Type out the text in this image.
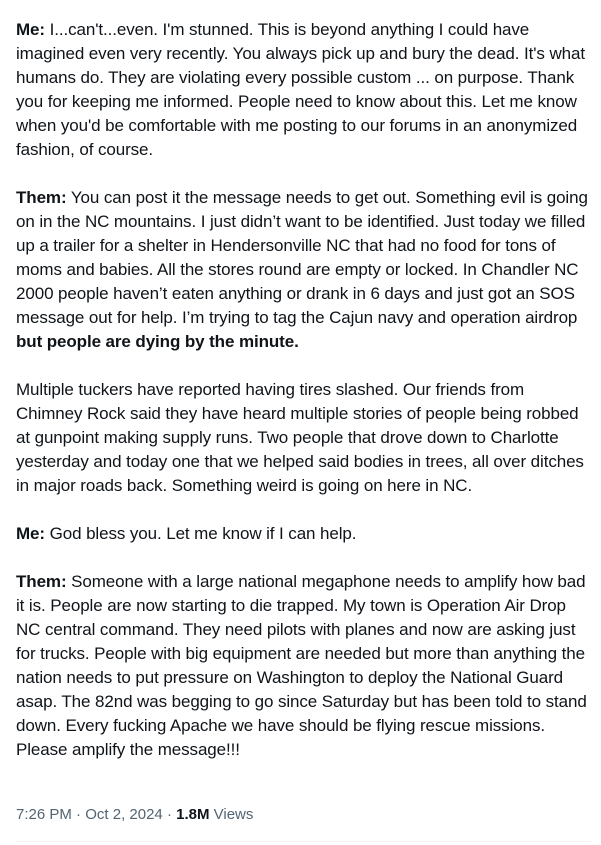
Me: I...can't...even. I'm stunned. This is beyond anything I could have imagined even very recently. You always pick up and bury the dead. It's what humans do. They are violating every possible custom ... on purpose. Thank you for keeping me informed. People need to know about this. Let me know when you'd be comfortable with me posting to our forums in an anonymized fashion, of course.

Them: You can post it the message needs to get out. Something evil is going on in the NC mountains. I just didn’t want to be identified. Just today we filled up a trailer for a shelter in Hendersonville NC that had no food for tons of moms and babies. All the stores round are empty or locked. In Chandler NC 2000 people haven’t eaten anything or drank in 6 days and just got an SOS message out for help. I’m trying to tag the Cajun navy and operation airdrop but people are dying by the minute.

Multiple tuckers have reported having tires slashed. Our friends from Chimney Rock said they have heard multiple stories of people being robbed at gunpoint making supply runs. Two people that drove down to Charlotte yesterday and today one that we helped said bodies in trees, all over ditches in major roads back. Something weird is going on here in NC.

Me: God bless you. Let me know if I can help.

Them: Someone with a large national megaphone needs to amplify how bad it is. People are now starting to die trapped. My town is Operation Air Drop NC central command. They need pilots with planes and now are asking just for trucks. People with big equipment are needed but more than anything the nation needs to put pressure on Washington to deploy the National Guard asap. The 82nd was begging to go since Saturday but has been told to stand down. Every fucking Apache we have should be flying rescue missions. Please amplify the message!!!

7:26 PM · Oct 2, 2024 · 1.8M Views
